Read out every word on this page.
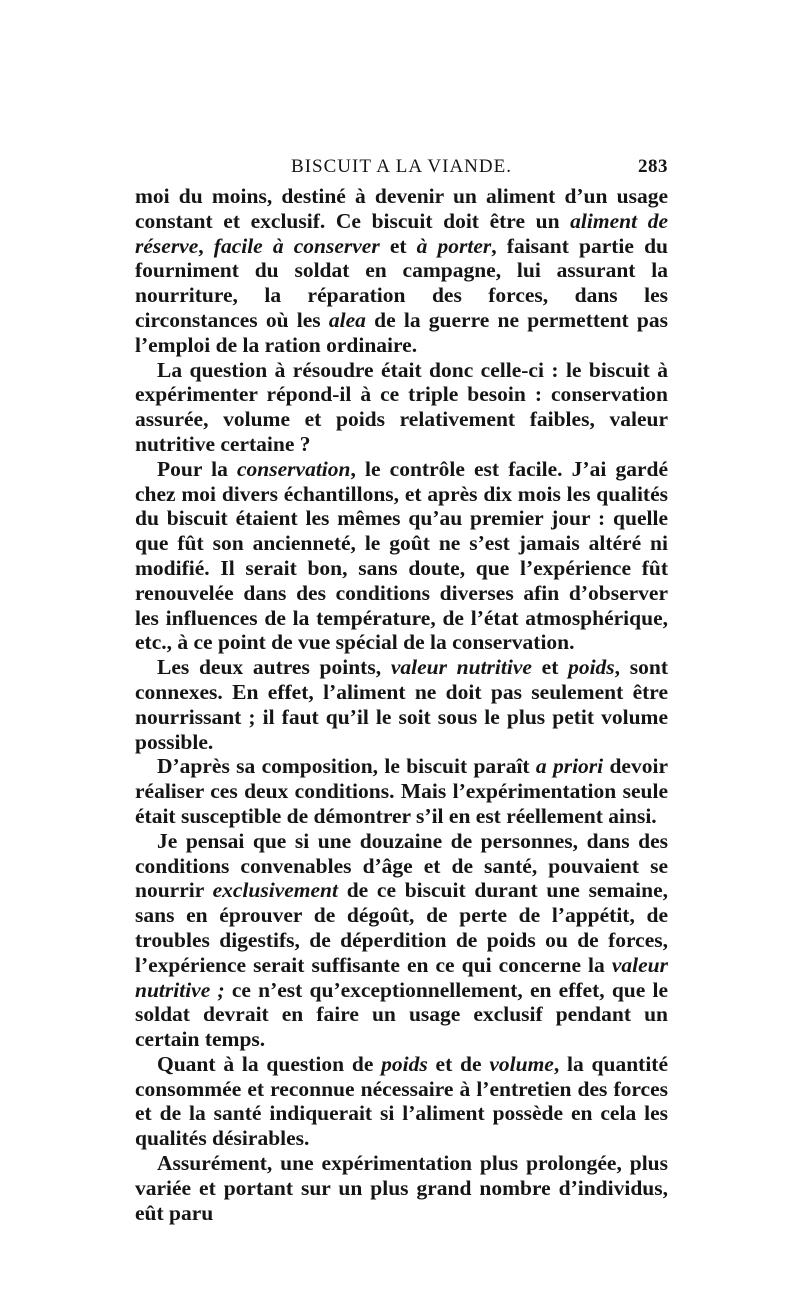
BISCUIT A LA VIANDE.	283

moi du moins, destiné à devenir un aliment d’un usage constant et exclusif. Ce biscuit doit être un aliment de réserve, facile à conserver et à porter, faisant partie du fourniment du soldat en campagne, lui assurant la nourriture, la réparation des forces, dans les circonstances où les alea de la guerre ne permettent pas l’emploi de la ration ordinaire.

La question à résoudre était donc celle-ci : le biscuit à expérimenter répond-il à ce triple besoin : conservation assurée, volume et poids relativement faibles, valeur nutritive certaine ?

Pour la conservation, le contrôle est facile. J’ai gardé chez moi divers échantillons, et après dix mois les qualités du biscuit étaient les mêmes qu’au premier jour : quelle que fût son ancienneté, le goût ne s’est jamais altéré ni modifié. Il serait bon, sans doute, que l’expérience fût renouvelée dans des conditions diverses afin d’observer les influences de la température, de l’état atmosphérique, etc., à ce point de vue spécial de la conservation.

Les deux autres points, valeur nutritive et poids, sont connexes. En effet, l’aliment ne doit pas seulement être nourrissant ; il faut qu’il le soit sous le plus petit volume possible.

D’après sa composition, le biscuit paraît a priori devoir réaliser ces deux conditions. Mais l’expérimentation seule était susceptible de démontrer s’il en est réellement ainsi.

Je pensai que si une douzaine de personnes, dans des conditions convenables d’âge et de santé, pouvaient se nourrir exclusivement de ce biscuit durant une semaine, sans en éprouver de dégoût, de perte de l’appétit, de troubles digestifs, de déperdition de poids ou de forces, l’expérience serait suffisante en ce qui concerne la valeur nutritive ; ce n’est qu’exceptionnellement, en effet, que le soldat devrait en faire un usage exclusif pendant un certain temps.

Quant à la question de poids et de volume, la quantité consommée et reconnue nécessaire à l’entretien des forces et de la santé indiquerait si l’aliment possède en cela les qualités désirables.

Assurément, une expérimentation plus prolongée, plus variée et portant sur un plus grand nombre d’individus, eût paru
